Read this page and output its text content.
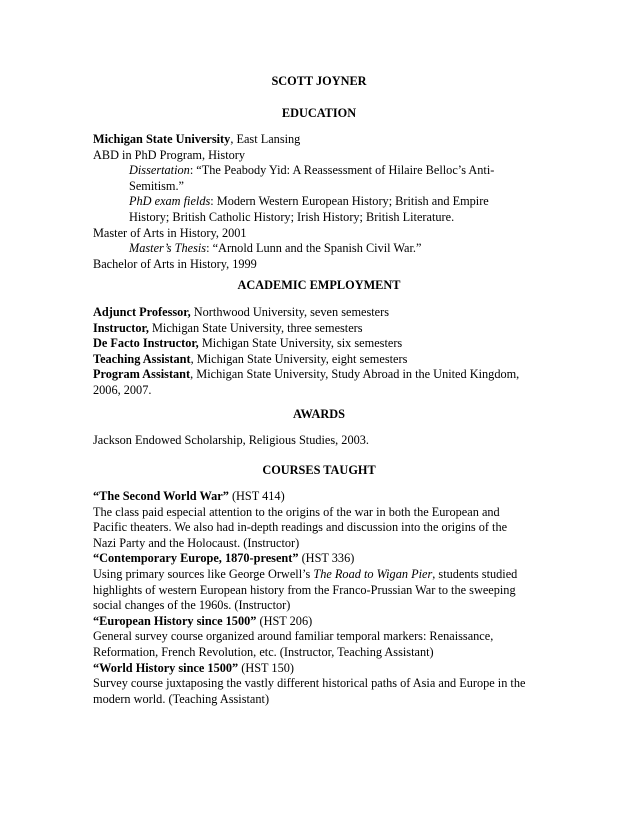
SCOTT JOYNER
EDUCATION
Michigan State University, East Lansing
ABD in PhD Program, History
Dissertation: “The Peabody Yid: A Reassessment of Hilaire Belloc’s Anti-
Semitism.”
PhD exam fields: Modern Western European History; British and Empire
History; British Catholic History; Irish History; British Literature.
Master of Arts in History, 2001
Master’s Thesis: “Arnold Lunn and the Spanish Civil War.”
Bachelor of Arts in History, 1999
ACADEMIC EMPLOYMENT
Adjunct Professor, Northwood University, seven semesters
Instructor, Michigan State University, three semesters
De Facto Instructor, Michigan State University, six semesters
Teaching Assistant, Michigan State University, eight semesters
Program Assistant, Michigan State University, Study Abroad in the United Kingdom,
2006, 2007.
AWARDS
Jackson Endowed Scholarship, Religious Studies, 2003.
COURSES TAUGHT
“The Second World War” (HST 414)
The class paid especial attention to the origins of the war in both the European and
Pacific theaters. We also had in-depth readings and discussion into the origins of the
Nazi Party and the Holocaust. (Instructor)
“Contemporary Europe, 1870-present” (HST 336)
Using primary sources like George Orwell’s The Road to Wigan Pier, students studied
highlights of western European history from the Franco-Prussian War to the sweeping
social changes of the 1960s. (Instructor)
“European History since 1500” (HST 206)
General survey course organized around familiar temporal markers: Renaissance,
Reformation, French Revolution, etc. (Instructor, Teaching Assistant)
“World History since 1500” (HST 150)
Survey course juxtaposing the vastly different historical paths of Asia and Europe in the
modern world. (Teaching Assistant)
